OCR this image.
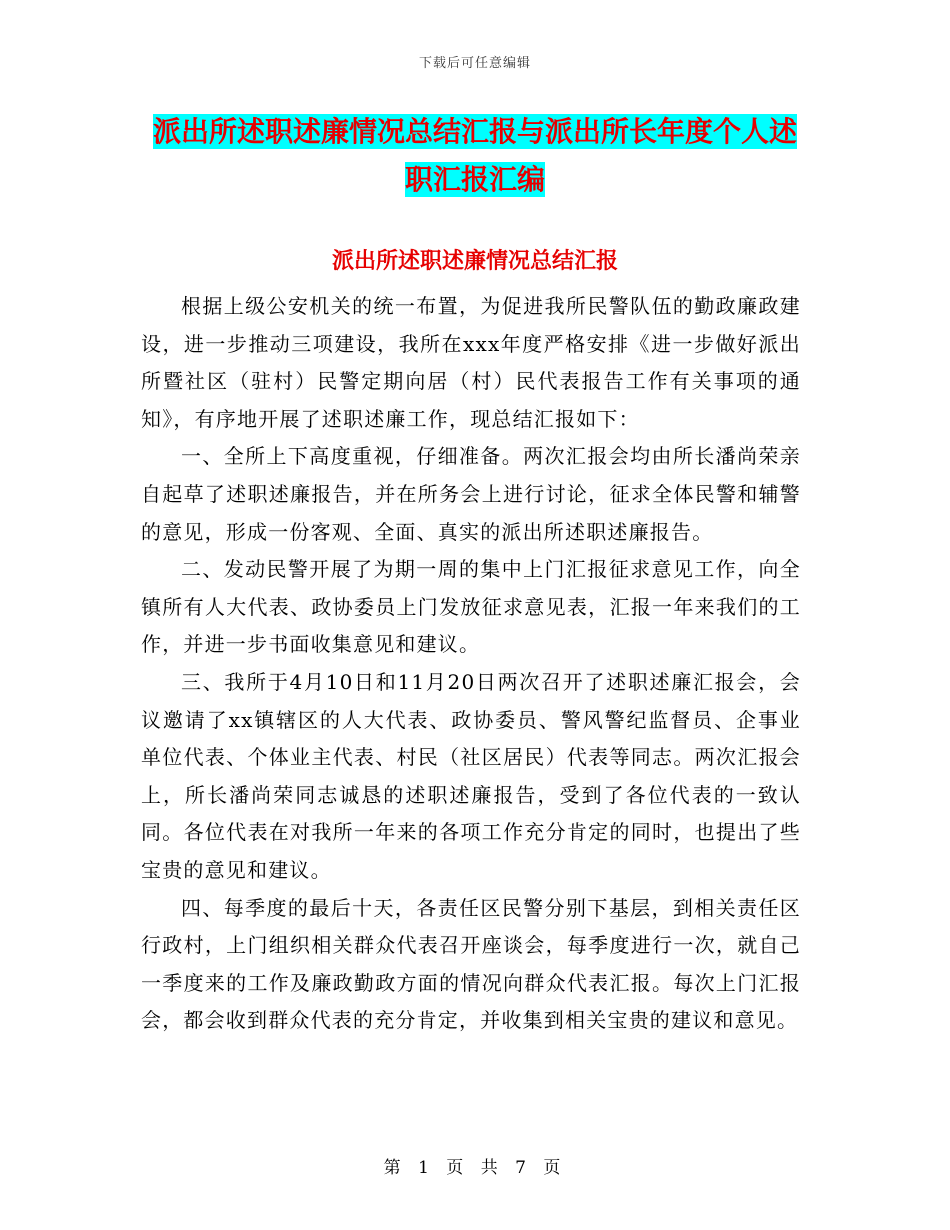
下载后可任意编辑
派出所述职述廉情况总结汇报与派出所长年度个人述职汇报汇编
派出所述职述廉情况总结汇报

根据上级公安机关的统一布置，为促进我所民警队伍的勤政廉政建设，进一步推动三项建设，我所在xxx年度严格安排《进一步做好派出所暨社区（驻村）民警定期向居（村）民代表报告工作有关事项的通知》，有序地开展了述职述廉工作，现总结汇报如下：

一、全所上下高度重视，仔细准备。两次汇报会均由所长潘尚荣亲自起草了述职述廉报告，并在所务会上进行讨论，征求全体民警和辅警的意见，形成一份客观、全面、真实的派出所述职述廉报告。

二、发动民警开展了为期一周的集中上门汇报征求意见工作，向全镇所有人大代表、政协委员上门发放征求意见表，汇报一年来我们的工作，并进一步书面收集意见和建议。

三、我所于4月10日和11月20日两次召开了述职述廉汇报会，会议邀请了xx镇辖区的人大代表、政协委员、警风警纪监督员、企事业单位代表、个体业主代表、村民（社区居民）代表等同志。两次汇报会上，所长潘尚荣同志诚恳的述职述廉报告，受到了各位代表的一致认同。各位代表在对我所一年来的各项工作充分肯定的同时，也提出了些宝贵的意见和建议。

四、每季度的最后十天，各责任区民警分别下基层，到相关责任区行政村，上门组织相关群众代表召开座谈会，每季度进行一次，就自己一季度来的工作及廉政勤政方面的情况向群众代表汇报。每次上门汇报会，都会收到群众代表的充分肯定，并收集到相关宝贵的建议和意见。

第 1 页 共 7 页
